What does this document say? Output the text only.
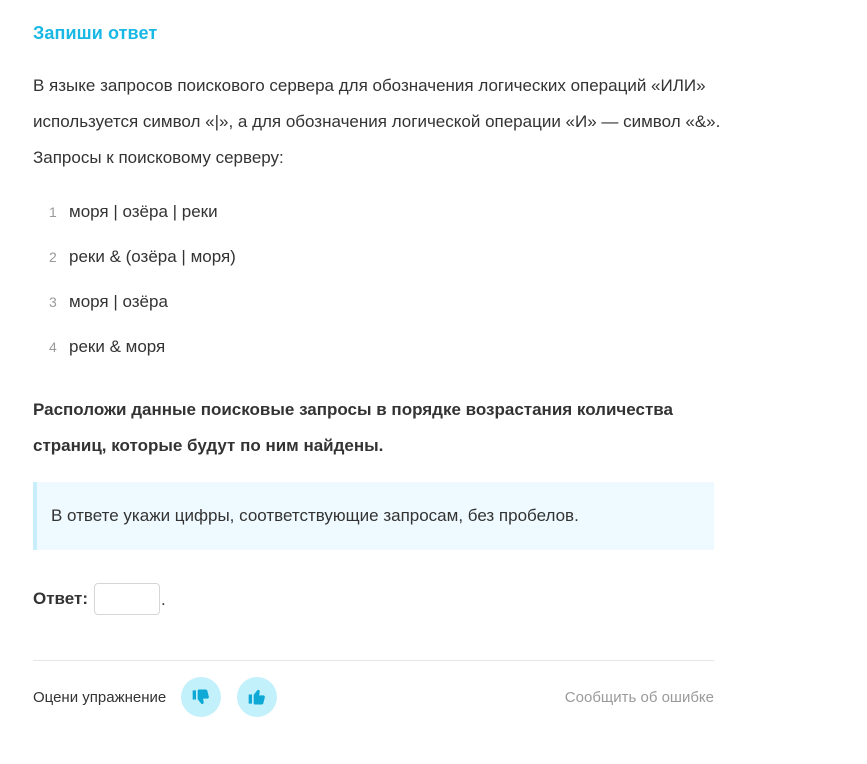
Запиши ответ
В языке запросов поискового сервера для обозначения логических операций «ИЛИ» используется символ «|», а для обозначения логической операции «И» — символ «&». Запросы к поисковому серверу:
1 моря | озёра | реки
2 реки & (озёра | моря)
3 моря | озёра
4 реки & моря
Расположи данные поисковые запросы в порядке возрастания количества страниц, которые будут по ним найдены.
В ответе укажи цифры, соответствующие запросам, без пробелов.
Ответ:	.
Оцени упражнение	Сообщить об ошибке
